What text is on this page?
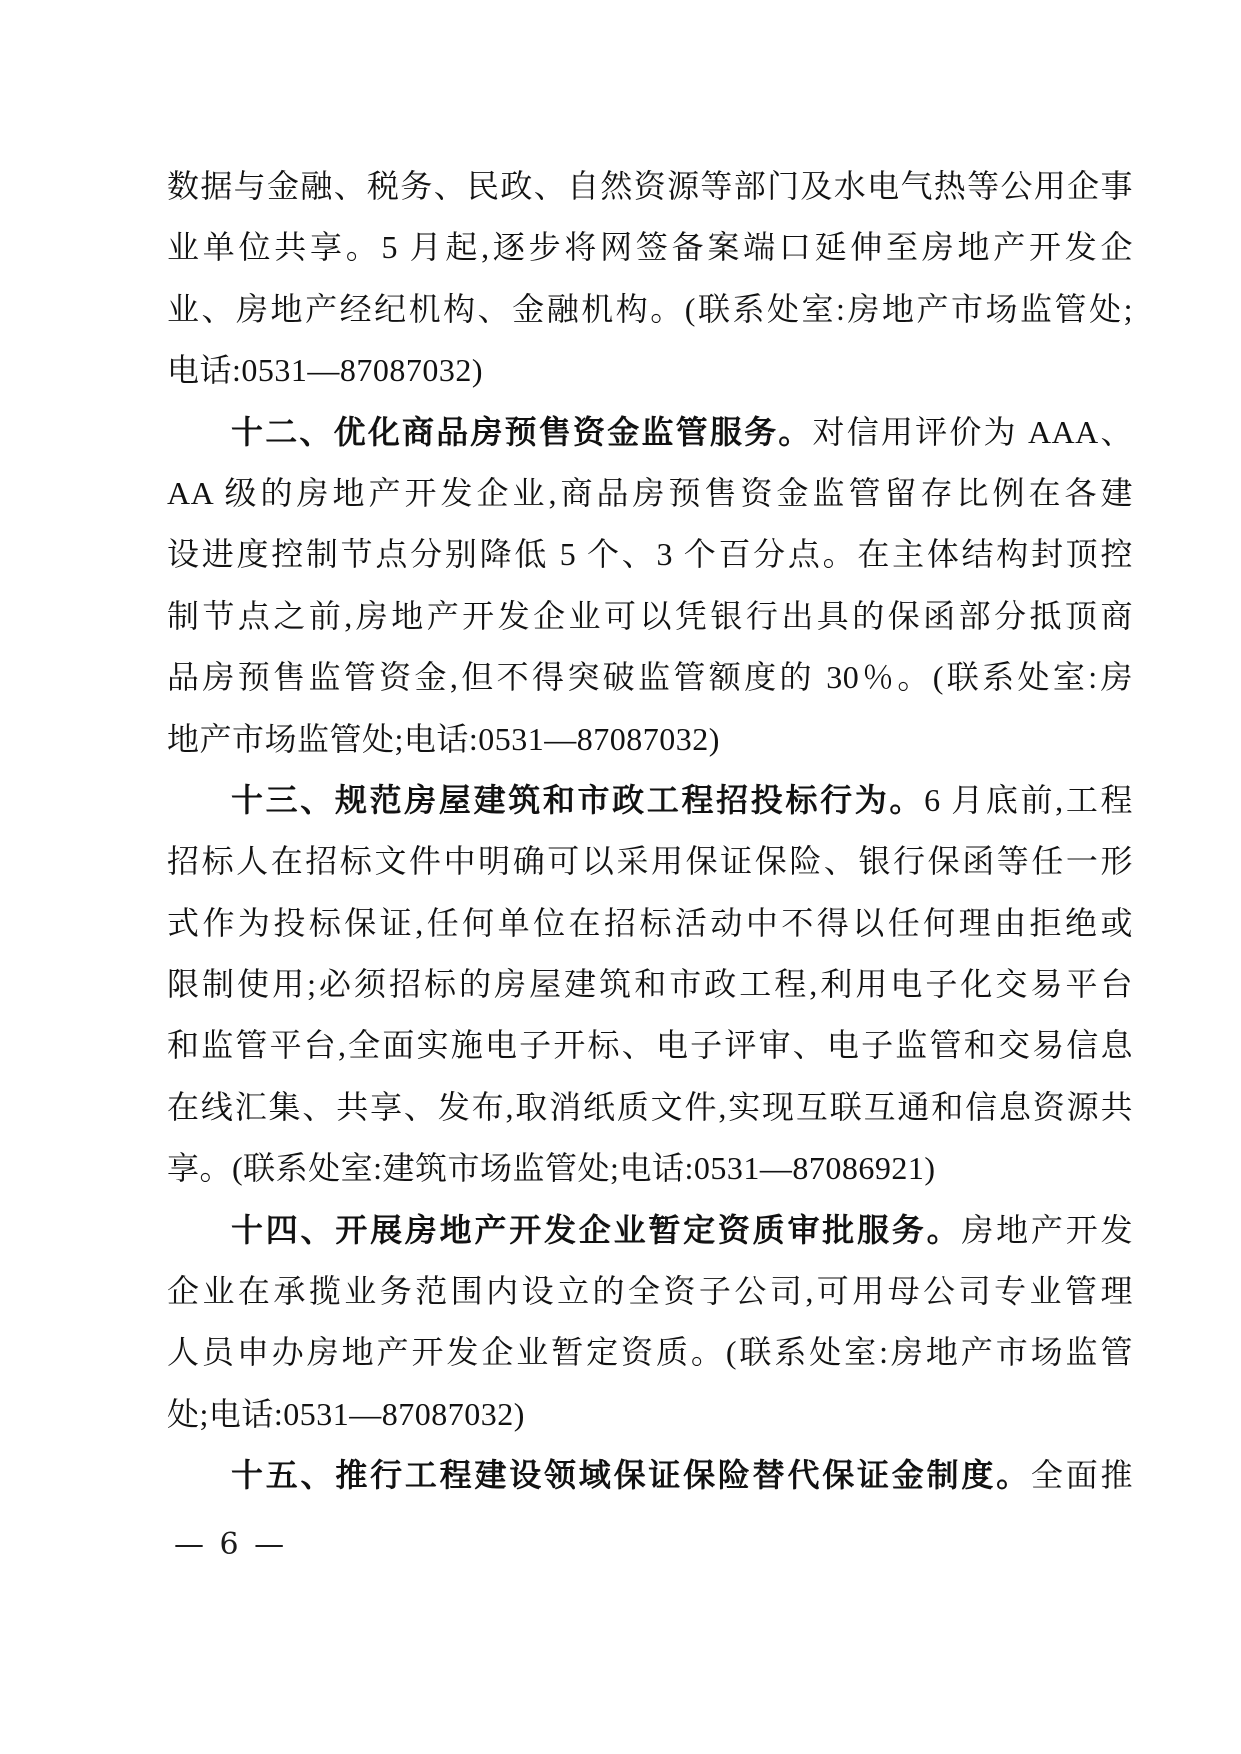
数据与金融、税务、民政、自然资源等部门及水电气热等公用企事
业单位共享。5 月起,逐步将网签备案端口延伸至房地产开发企
业、房地产经纪机构、金融机构。(联系处室:房地产市场监管处;
电话:0531—87087032)
十二、优化商品房预售资金监管服务。对信用评价为 AAA、
AA 级的房地产开发企业,商品房预售资金监管留存比例在各建
设进度控制节点分别降低 5 个、3 个百分点。在主体结构封顶控
制节点之前,房地产开发企业可以凭银行出具的保函部分抵顶商
品房预售监管资金,但不得突破监管额度的 30％。(联系处室:房
地产市场监管处;电话:0531—87087032)
十三、规范房屋建筑和市政工程招投标行为。6 月底前,工程
招标人在招标文件中明确可以采用保证保险、银行保函等任一形
式作为投标保证,任何单位在招标活动中不得以任何理由拒绝或
限制使用;必须招标的房屋建筑和市政工程,利用电子化交易平台
和监管平台,全面实施电子开标、电子评审、电子监管和交易信息
在线汇集、共享、发布,取消纸质文件,实现互联互通和信息资源共
享。(联系处室:建筑市场监管处;电话:0531—87086921)
十四、开展房地产开发企业暂定资质审批服务。房地产开发
企业在承揽业务范围内设立的全资子公司,可用母公司专业管理
人员申办房地产开发企业暂定资质。(联系处室:房地产市场监管
处;电话:0531—87087032)
十五、推行工程建设领域保证保险替代保证金制度。全面推
— 6 —
